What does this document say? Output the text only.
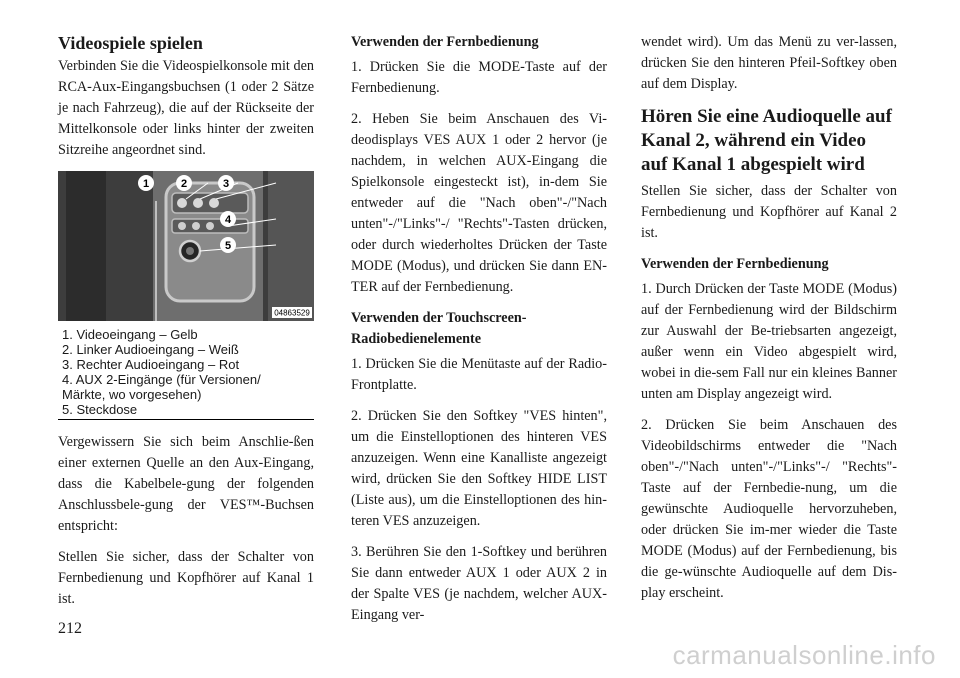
Videospiele spielen

Verbinden Sie die Videospielkonsole mit den RCA-Aux-Eingangsbuchsen (1 oder 2 Sätze je nach Fahrzeug), die auf der Rückseite der Mittelkonsole oder links hinter der zweiten Sitzreihe angeordnet sind.

1	2	3
4
5
04863529
1. Videoeingang – Gelb
2. Linker Audioeingang – Weiß
3. Rechter Audioeingang – Rot
4. AUX 2-Eingänge (für Versionen/
Märkte, wo vorgesehen)
5. Steckdose

Vergewissern Sie sich beim Anschlie-ßen einer externen Quelle an den Aux-Eingang, dass die Kabelbele-gung der folgenden Anschlussbele-gung der VES™-Buchsen entspricht:

Stellen Sie sicher, dass der Schalter von Fernbedienung und Kopfhörer auf Kanal 1 ist.

Verwenden der Fernbedienung

1. Drücken Sie die MODE-Taste auf der Fernbedienung.

2. Heben Sie beim Anschauen des Vi-deodisplays VES AUX 1 oder 2 hervor (je nachdem, in welchen AUX-Eingang die Spielkonsole eingesteckt ist), in-dem Sie entweder auf die "Nach oben"-/"Nach unten"-/"Links"-/ "Rechts"-Tasten drücken, oder durch wiederholtes Drücken der Taste MODE (Modus), und drücken Sie dann EN-TER auf der Fernbedienung.

Verwenden der Touchscreen-Radiobedienelemente

1. Drücken Sie die Menütaste auf der Radio-Frontplatte.

2. Drücken Sie den Softkey "VES hinten", um die Einstelloptionen des hinteren VES anzuzeigen. Wenn eine Kanalliste angezeigt wird, drücken Sie den Softkey HIDE LIST (Liste aus), um die Einstelloptionen des hin-teren VES anzuzeigen.

3. Berühren Sie den 1-Softkey und berühren Sie dann entweder AUX 1 oder AUX 2 in der Spalte VES (je nachdem, welcher AUX-Eingang ver-

wendet wird). Um das Menü zu ver-lassen, drücken Sie den hinteren Pfeil-Softkey oben auf dem Display.

Hören Sie eine Audioquelle auf Kanal 2, während ein Video auf Kanal 1 abgespielt wird

Stellen Sie sicher, dass der Schalter von Fernbedienung und Kopfhörer auf Kanal 2 ist.

Verwenden der Fernbedienung

1. Durch Drücken der Taste MODE (Modus) auf der Fernbedienung wird der Bildschirm zur Auswahl der Be-triebsarten angezeigt, außer wenn ein Video abgespielt wird, wobei in die-sem Fall nur ein kleines Banner unten am Display angezeigt wird.

2. Drücken Sie beim Anschauen des Videobildschirms entweder die "Nach oben"-/"Nach unten"-/"Links"-/ "Rechts"-Taste auf der Fernbedie-nung, um die gewünschte Audioquelle hervorzuheben, oder drücken Sie im-mer wieder die Taste MODE (Modus) auf der Fernbedienung, bis die ge-wünschte Audioquelle auf dem Dis-play erscheint.

212
carmanualsonline.info
